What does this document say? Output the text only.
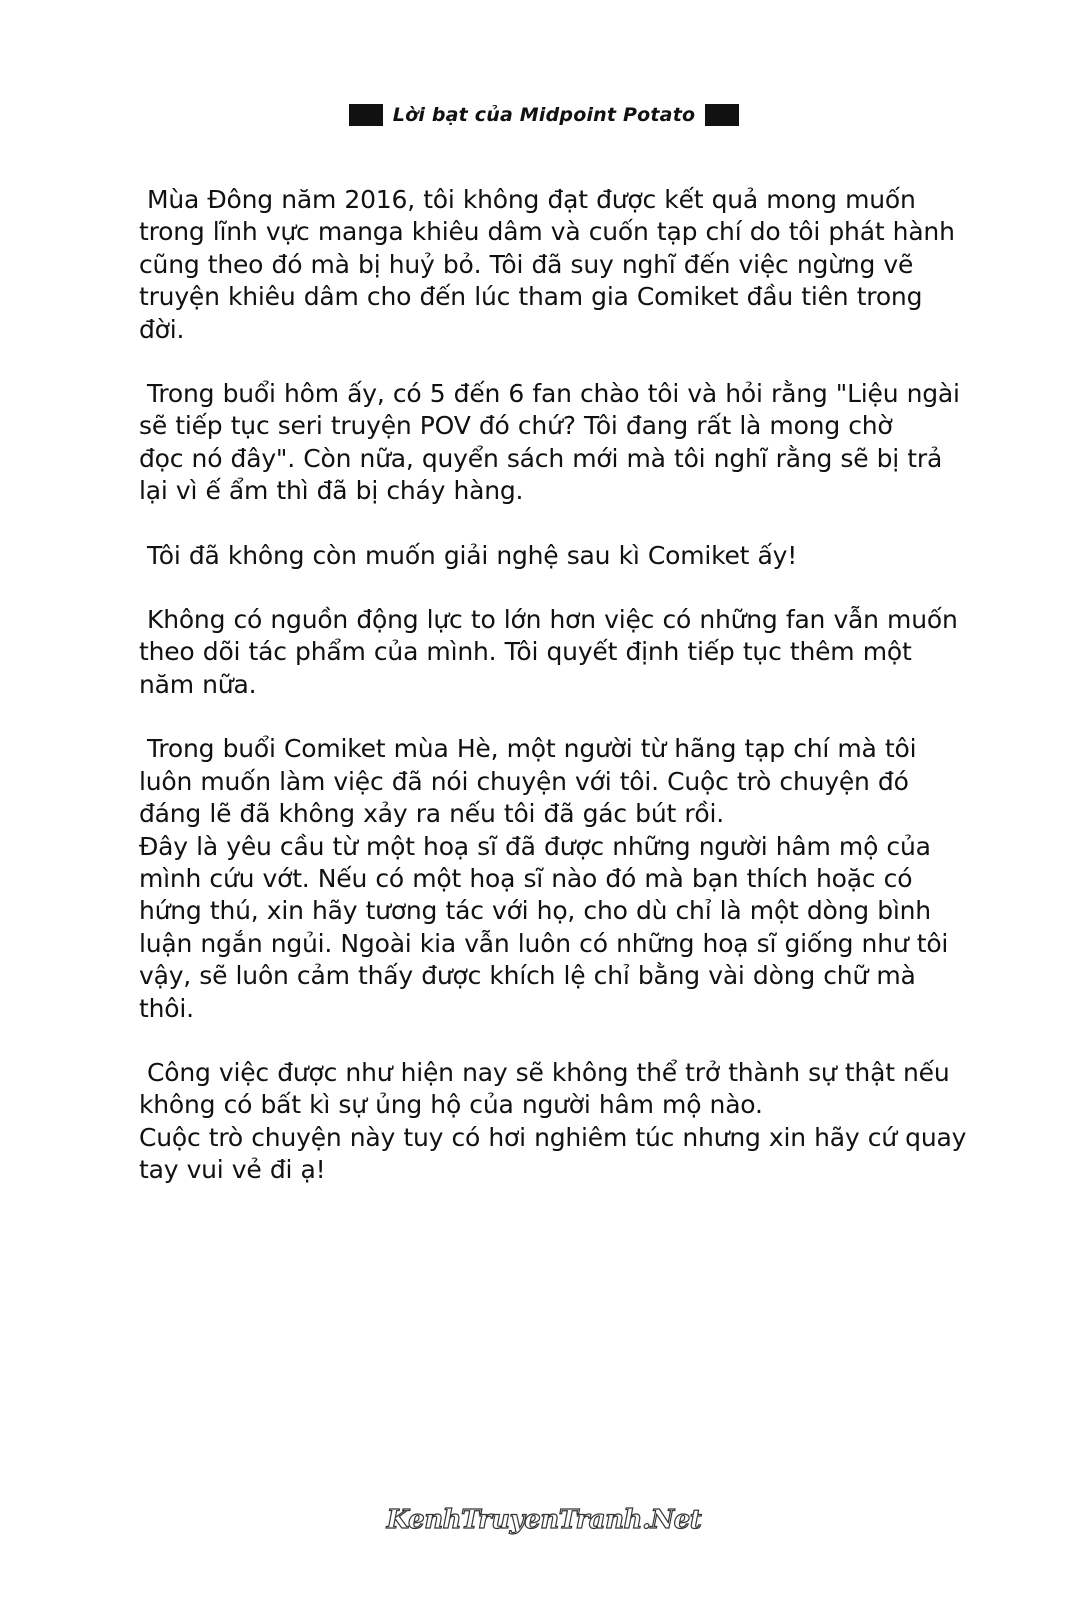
Lời bạt của Midpoint Potato

Mùa Đông năm 2016, tôi không đạt được kết quả mong muốn
trong lĩnh vực manga khiêu dâm và cuốn tạp chí do tôi phát hành
cũng theo đó mà bị huỷ bỏ. Tôi đã suy nghĩ đến việc ngừng vẽ
truyện khiêu dâm cho đến lúc tham gia Comiket đầu tiên trong
đời.

Trong buổi hôm ấy, có 5 đến 6 fan chào tôi và hỏi rằng "Liệu ngài
sẽ tiếp tục seri truyện POV đó chứ? Tôi đang rất là mong chờ
đọc nó đây". Còn nữa, quyển sách mới mà tôi nghĩ rằng sẽ bị trả
lại vì ế ẩm thì đã bị cháy hàng.

Tôi đã không còn muốn giải nghệ sau kì Comiket ấy!

Không có nguồn động lực to lớn hơn việc có những fan vẫn muốn
theo dõi tác phẩm của mình. Tôi quyết định tiếp tục thêm một
năm nữa.

Trong buổi Comiket mùa Hè, một người từ hãng tạp chí mà tôi
luôn muốn làm việc đã nói chuyện với tôi. Cuộc trò chuyện đó
đáng lẽ đã không xảy ra nếu tôi đã gác bút rồi.
Đây là yêu cầu từ một hoạ sĩ đã được những người hâm mộ của
mình cứu vớt. Nếu có một hoạ sĩ nào đó mà bạn thích hoặc có
hứng thú, xin hãy tương tác với họ, cho dù chỉ là một dòng bình
luận ngắn ngủi. Ngoài kia vẫn luôn có những hoạ sĩ giống như tôi
vậy, sẽ luôn cảm thấy được khích lệ chỉ bằng vài dòng chữ mà
thôi.

Công việc được như hiện nay sẽ không thể trở thành sự thật nếu
không có bất kì sự ủng hộ của người hâm mộ nào.
Cuộc trò chuyện này tuy có hơi nghiêm túc nhưng xin hãy cứ quay
tay vui vẻ đi ạ!

KenhTruyenTranh.Net
